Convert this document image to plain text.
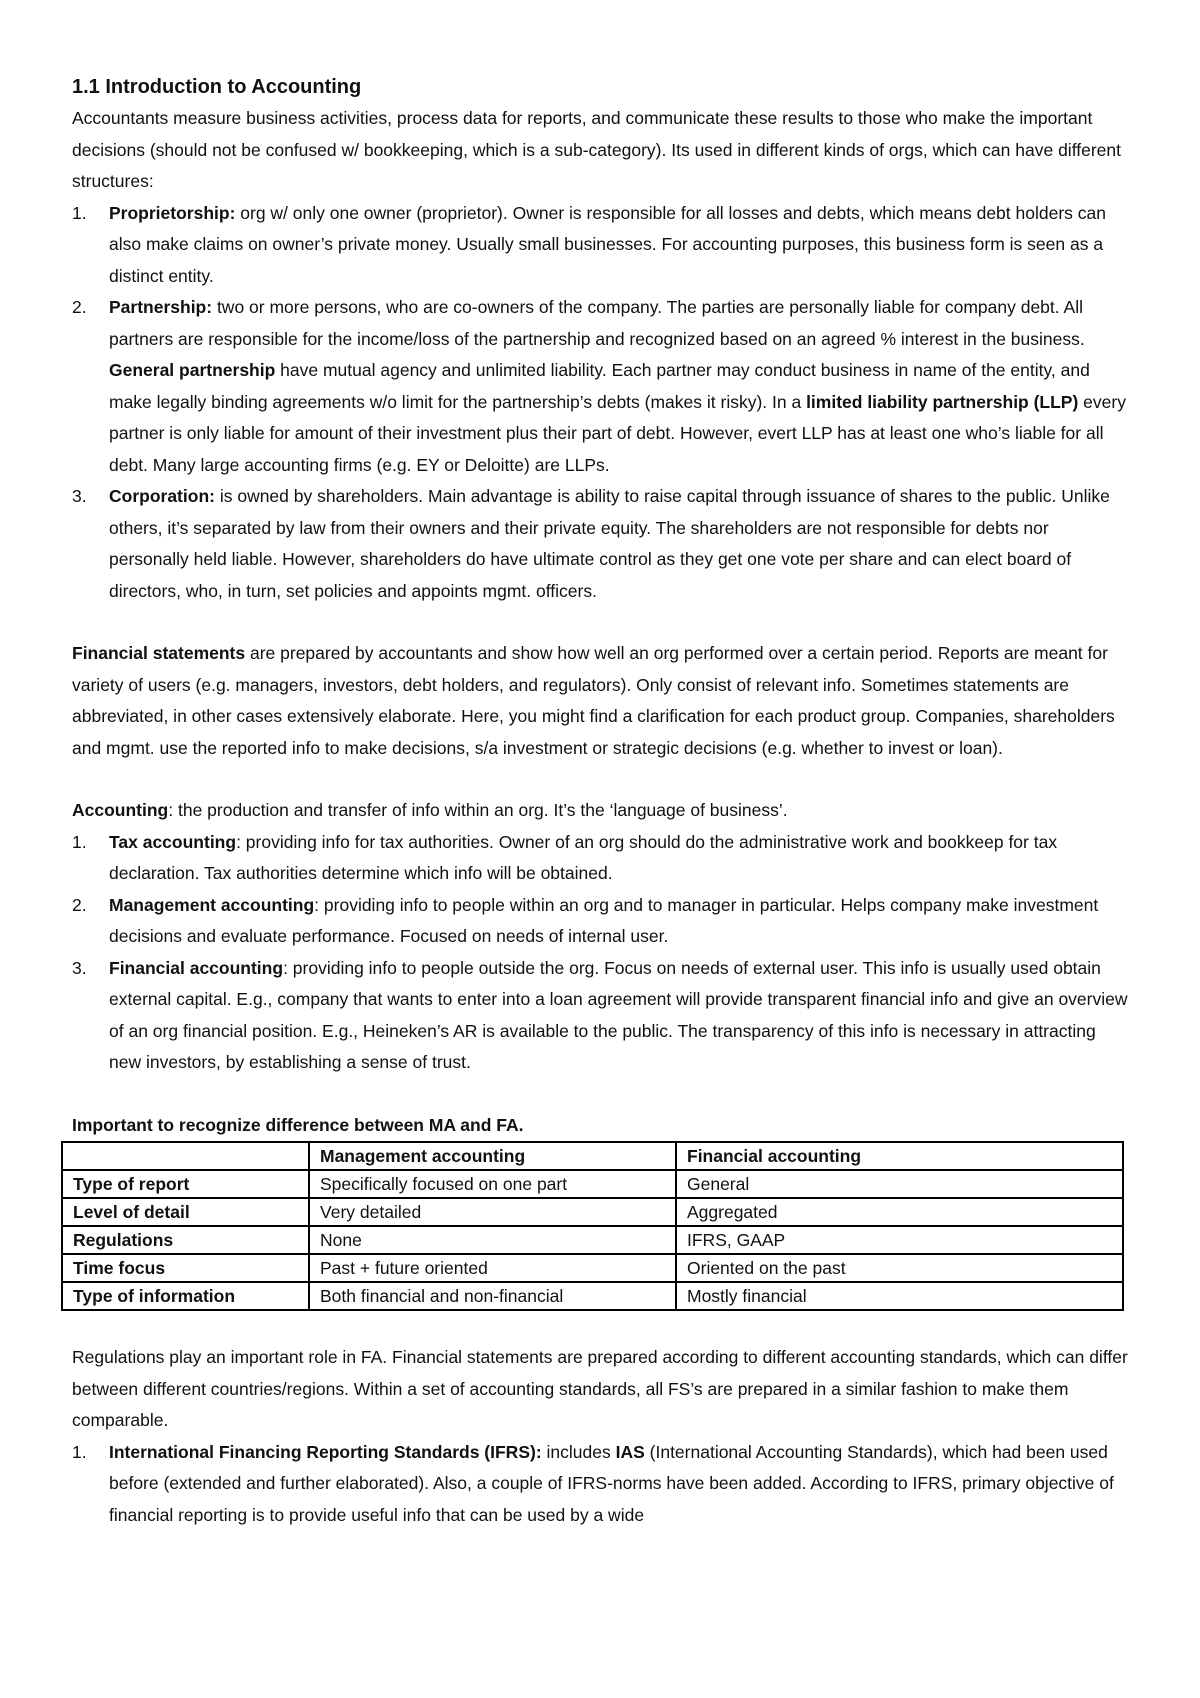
1.1 Introduction to Accounting

Accountants measure business activities, process data for reports, and communicate these results to those who make the important decisions (should not be confused w/ bookkeeping, which is a sub-category). Its used in different kinds of orgs, which can have different structures:

1. Proprietorship: org w/ only one owner (proprietor). Owner is responsible for all losses and debts, which means debt holders can also make claims on owner’s private money. Usually small businesses. For accounting purposes, this business form is seen as a distinct entity.
2. Partnership: two or more persons, who are co-owners of the company. The parties are personally liable for company debt. All partners are responsible for the income/loss of the partnership and recognized based on an agreed % interest in the business. General partnership have mutual agency and unlimited liability. Each partner may conduct business in name of the entity, and make legally binding agreements w/o limit for the partnership’s debts (makes it risky). In a limited liability partnership (LLP) every partner is only liable for amount of their investment plus their part of debt. However, evert LLP has at least one who’s liable for all debt. Many large accounting firms (e.g. EY or Deloitte) are LLPs.
3. Corporation: is owned by shareholders. Main advantage is ability to raise capital through issuance of shares to the public. Unlike others, it’s separated by law from their owners and their private equity. The shareholders are not responsible for debts nor personally held liable. However, shareholders do have ultimate control as they get one vote per share and can elect board of directors, who, in turn, set policies and appoints mgmt. officers.

Financial statements are prepared by accountants and show how well an org performed over a certain period. Reports are meant for variety of users (e.g. managers, investors, debt holders, and regulators). Only consist of relevant info. Sometimes statements are abbreviated, in other cases extensively elaborate. Here, you might find a clarification for each product group. Companies, shareholders and mgmt. use the reported info to make decisions, s/a investment or strategic decisions (e.g. whether to invest or loan).

Accounting: the production and transfer of info within an org. It’s the ‘language of business’.

1. Tax accounting: providing info for tax authorities. Owner of an org should do the administrative work and bookkeep for tax declaration. Tax authorities determine which info will be obtained.
2. Management accounting: providing info to people within an org and to manager in particular. Helps company make investment decisions and evaluate performance. Focused on needs of internal user.
3. Financial accounting: providing info to people outside the org. Focus on needs of external user. This info is usually used obtain external capital. E.g., company that wants to enter into a loan agreement will provide transparent financial info and give an overview of an org financial position. E.g., Heineken’s AR is available to the public. The transparency of this info is necessary in attracting new investors, by establishing a sense of trust.

Important to recognize difference between MA and FA.

	Management accounting	Financial accounting
Type of report	Specifically focused on one part	General
Level of detail	Very detailed	Aggregated
Regulations	None	IFRS, GAAP
Time focus	Past + future oriented	Oriented on the past
Type of information	Both financial and non-financial	Mostly financial

Regulations play an important role in FA. Financial statements are prepared according to different accounting standards, which can differ between different countries/regions. Within a set of accounting standards, all FS’s are prepared in a similar fashion to make them comparable.

1. International Financing Reporting Standards (IFRS): includes IAS (International Accounting Standards), which had been used before (extended and further elaborated). Also, a couple of IFRS-norms have been added. According to IFRS, primary objective of financial reporting is to provide useful info that can be used by a wide
